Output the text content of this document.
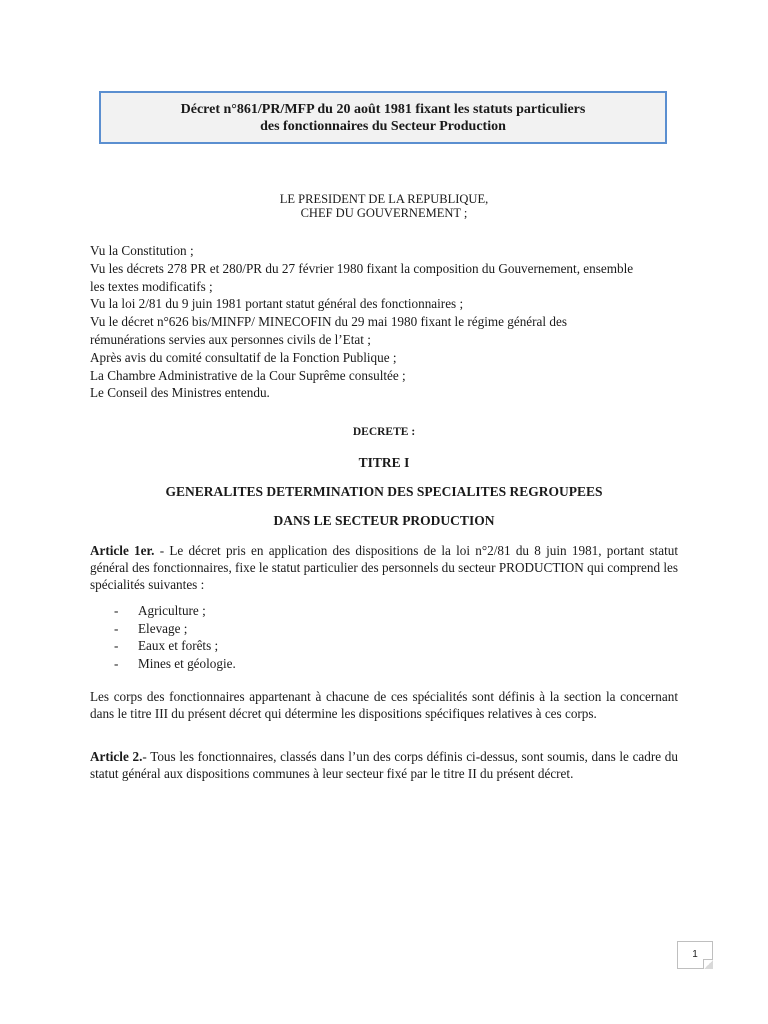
Décret n°861/PR/MFP du 20 août 1981 fixant les statuts particuliers
des fonctionnaires du Secteur Production
LE PRESIDENT DE LA REPUBLIQUE,
CHEF DU GOUVERNEMENT ;
Vu la Constitution ;
Vu les décrets 278 PR et 280/PR du 27 février 1980 fixant la composition du Gouvernement, ensemble
les textes modificatifs ;
Vu la loi 2/81 du 9 juin 1981 portant statut général des fonctionnaires ;
Vu le décret n°626 bis/MINFP/ MINECOFIN du 29 mai 1980 fixant le régime général des
rémunérations servies aux personnes civils de l’Etat ;
Après avis du comité consultatif de la Fonction Publique ;
La Chambre Administrative de la Cour Suprême consultée ;
Le Conseil des Ministres entendu.
DECRETE :
TITRE I
GENERALITES DETERMINATION DES SPECIALITES REGROUPEES
DANS LE SECTEUR PRODUCTION
Article 1er. - Le décret pris en application des dispositions de la loi n°2/81 du 8 juin 1981, portant statut général des fonctionnaires, fixe le statut particulier des personnels du secteur PRODUCTION qui comprend les spécialités suivantes :
-	Agriculture ;
-	Elevage ;
-	Eaux et forêts ;
-	Mines et géologie.
Les corps des fonctionnaires appartenant à chacune de ces spécialités sont définis à la section la concernant dans le titre III du présent décret qui détermine les dispositions spécifiques relatives à ces corps.
Article 2.- Tous les fonctionnaires, classés dans l’un des corps définis ci-dessus, sont soumis, dans le cadre du statut général aux dispositions communes à leur secteur fixé par le titre II du présent décret.
1
